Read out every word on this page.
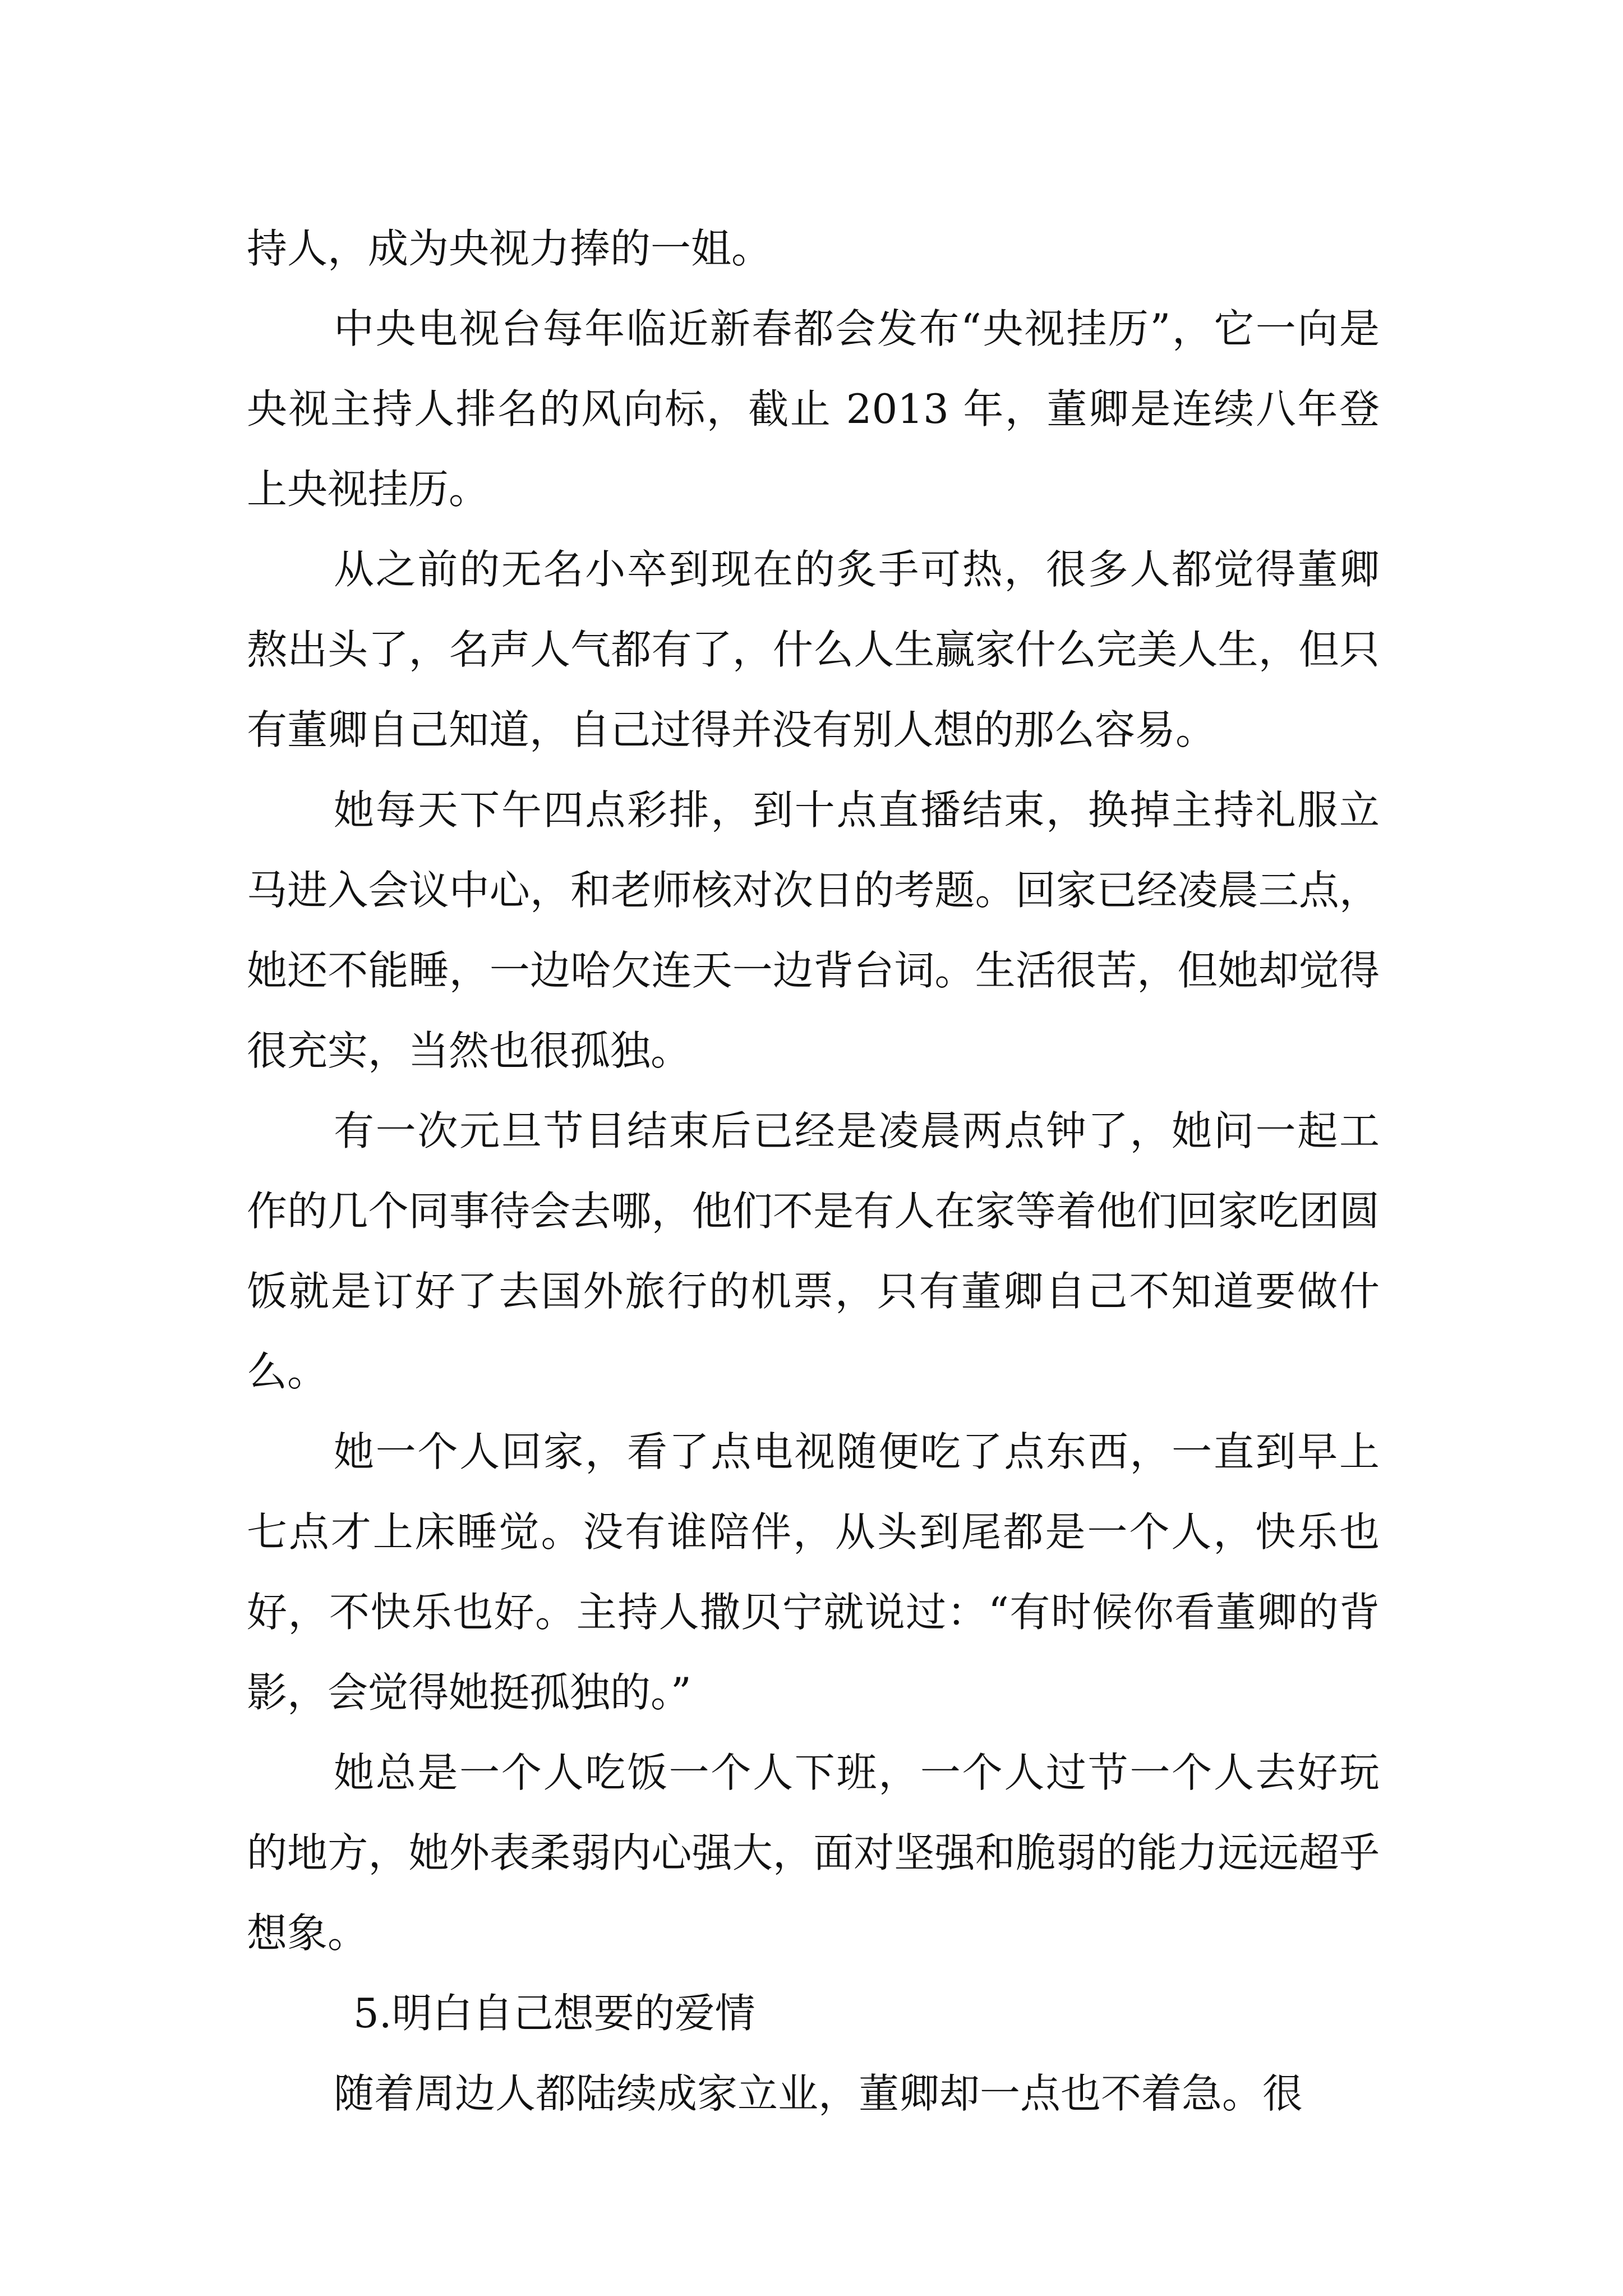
持人，成为央视力捧的一姐。

中央电视台每年临近新春都会发布“央视挂历”，它一向是央视主持人排名的风向标，截止 2013 年，董卿是连续八年登上央视挂历。

从之前的无名小卒到现在的炙手可热，很多人都觉得董卿熬出头了，名声人气都有了，什么人生赢家什么完美人生，但只有董卿自己知道，自己过得并没有别人想的那么容易。

她每天下午四点彩排，到十点直播结束，换掉主持礼服立马进入会议中心，和老师核对次日的考题。回家已经凌晨三点，她还不能睡，一边哈欠连天一边背台词。生活很苦，但她却觉得很充实，当然也很孤独。

有一次元旦节目结束后已经是凌晨两点钟了，她问一起工作的几个同事待会去哪，他们不是有人在家等着他们回家吃团圆饭就是订好了去国外旅行的机票，只有董卿自己不知道要做什么。

她一个人回家，看了点电视随便吃了点东西，一直到早上七点才上床睡觉。没有谁陪伴，从头到尾都是一个人，快乐也好，不快乐也好。主持人撒贝宁就说过：“有时候你看董卿的背影，会觉得她挺孤独的。”

她总是一个人吃饭一个人下班，一个人过节一个人去好玩的地方，她外表柔弱内心强大，面对坚强和脆弱的能力远远超乎想象。

5.明白自己想要的爱情

随着周边人都陆续成家立业，董卿却一点也不着急。很
